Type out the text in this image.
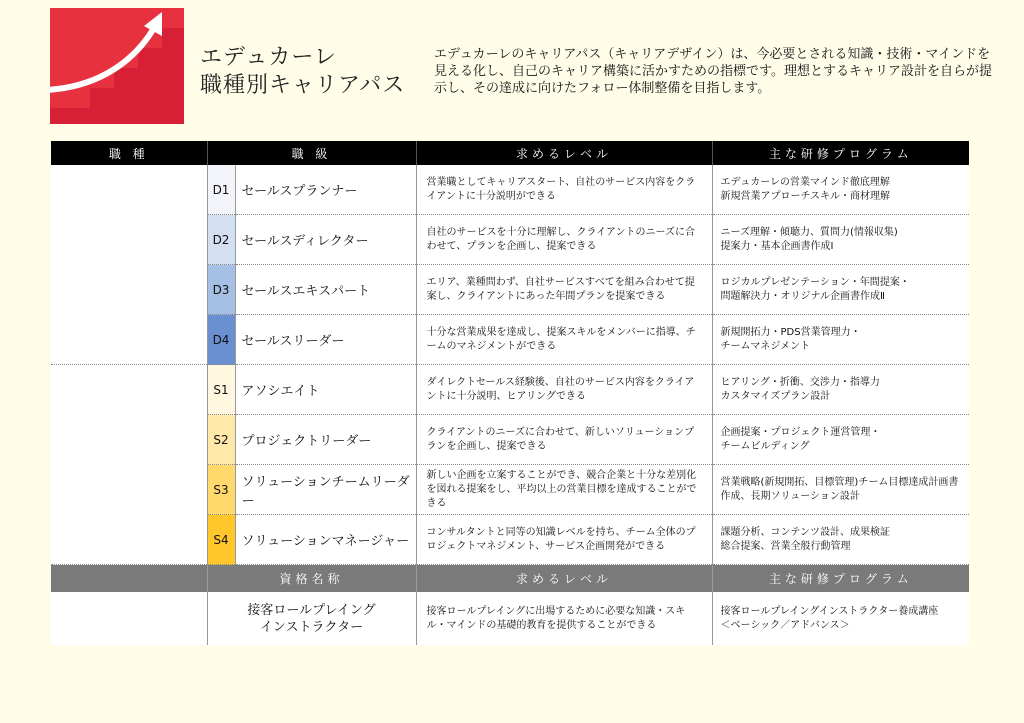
エデュカーレ
職種別キャリアパス
エデュカーレのキャリアパス（キャリアデザイン）は、今必要とされる知識・技術・マインドを見える化し、自己のキャリア構築に活かすための指標です。理想とするキャリア設計を自らが提示し、その達成に向けたフォロー体制整備を目指します。
職 種	職 級		求めるレベル	主な研修プログラム

ダイレクト
セールス
自社商品の拡販	D1	セールスプランナー	営業職としてキャリアスタート、自社のサービス内容をクライアントに十分説明ができる	エデュカーレの営業マインド徹底理解
新規営業アプローチスキル・商材理解
	D2	セールスディレクター	自社のサービスを十分に理解し、クライアントのニーズに合わせて、プランを企画し、提案できる	ニーズ理解・傾聴力、質問力(情報収集)
提案力・基本企画書作成Ⅰ
	D3	セールスエキスパート	エリア、業種問わず、自社サービスすべてを組み合わせて提案し、クライアントにあった年間プランを提案できる	ロジカルプレゼンテーション・年間提案・
問題解決力・オリジナル企画書作成Ⅱ
	D4	セールスリーダー	十分な営業成果を達成し、提案スキルをメンバーに指導、チームのマネジメントができる	新規開拓力・PDS営業管理力・
チームマネジメント

ソリューション
セールス
コンサル案件の獲得・推進	S1	アソシエイト	ダイレクトセールス経験後、自社のサービス内容をクライアントに十分説明、ヒアリングできる	ヒアリング・折衝、交渉力・指導力
カスタマイズプラン設計
	S2	プロジェクトリーダー	クライアントのニーズに合わせて、新しいソリューションプランを企画し、提案できる	企画提案・プロジェクト運営管理・
チームビルディング
	S3	ソリューションチームリーダー	新しい企画を立案することができ、競合企業と十分な差別化を図れる提案をし、平均以上の営業目標を達成することができる	営業戦略(新規開拓、目標管理)チーム目標達成計画書作成、長期ソリューション設計
	S4	ソリューションマネージャー	コンサルタントと同等の知識レベルを持ち、チーム全体のプロジェクトマネジメント、サービス企画開発ができる	課題分析、コンテンツ設計、成果検証
総合提案、営業全般行動管理
	資格名称		求めるレベル	主な研修プログラム

社内資格	接客ロールプレイング
インストラクター		接客ロールプレイングに出場するために必要な知識・スキル・マインドの基礎的教育を提供することができる	接客ロールプレイングインストラクター養成講座
＜ベーシック／アドバンス＞
